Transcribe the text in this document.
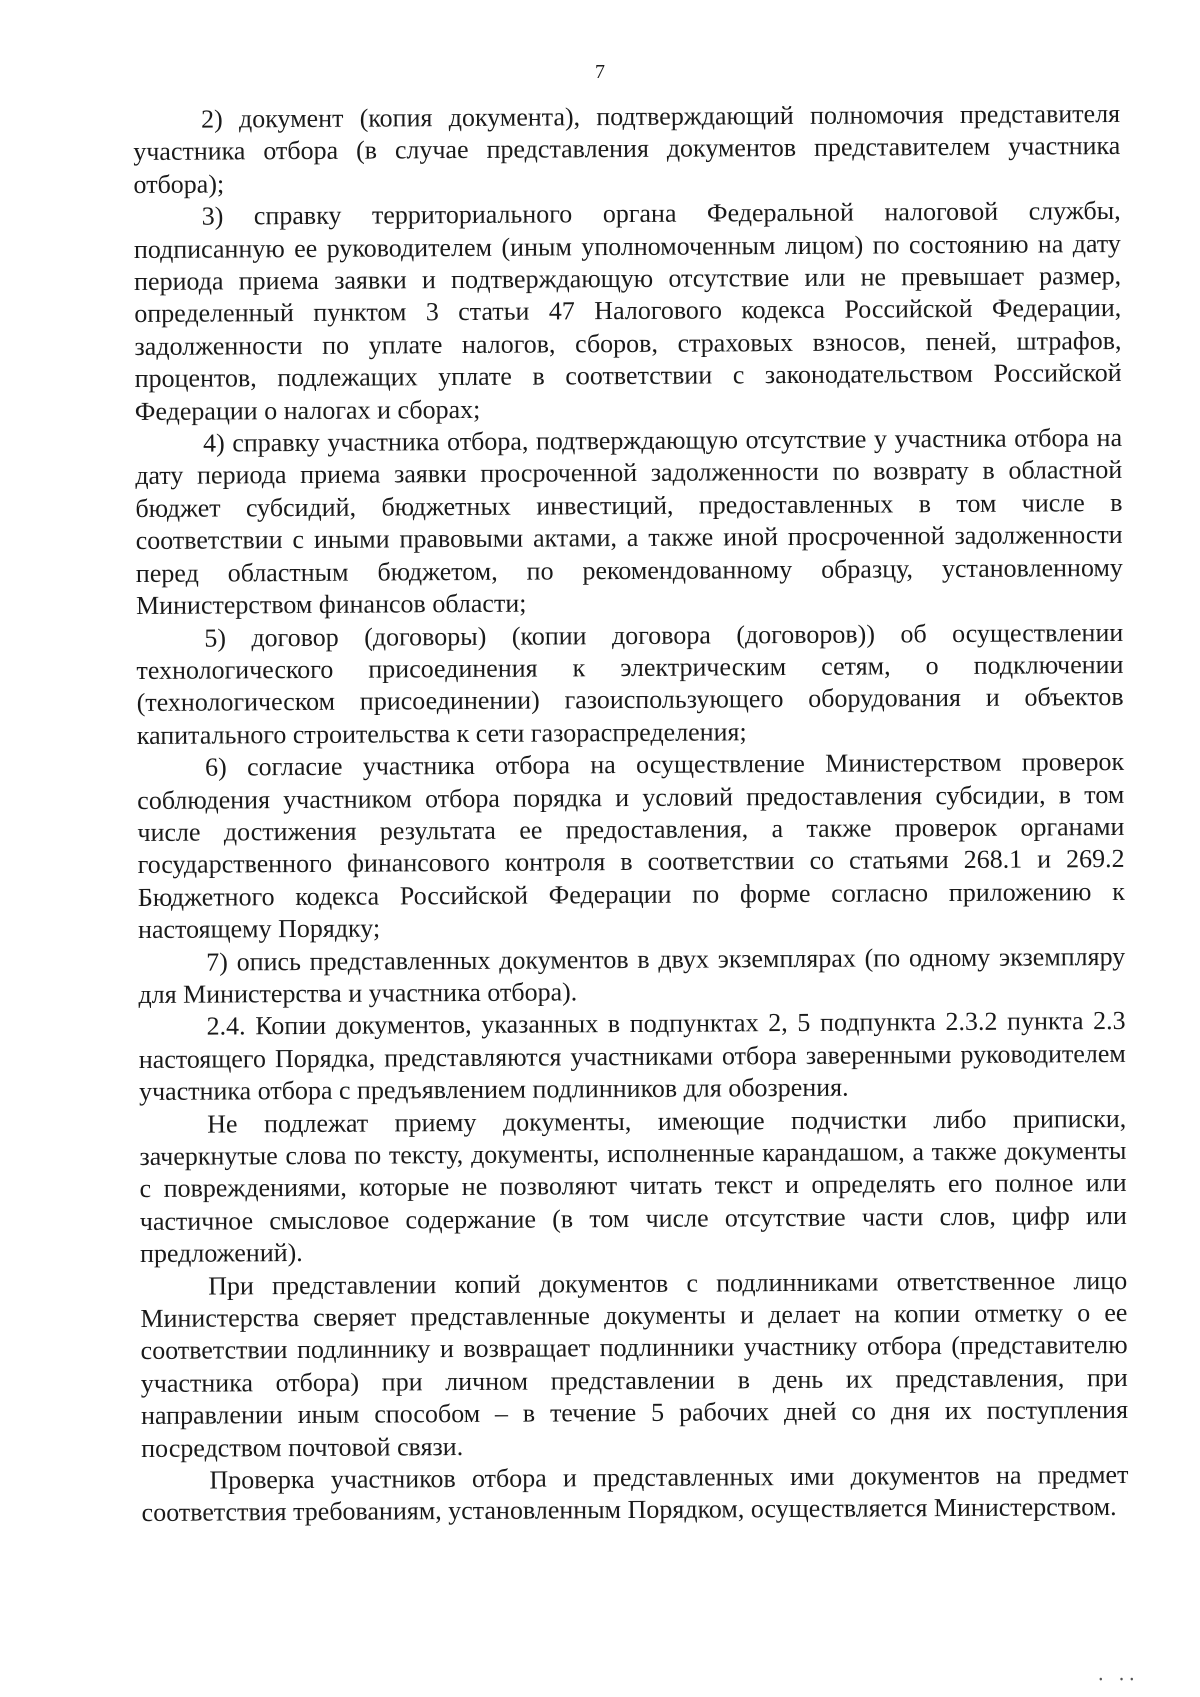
7

2) документ (копия документа), подтверждающий полномочия представителя участника отбора (в случае представления документов представителем участника отбора);

3) справку территориального органа Федеральной налоговой службы, подписанную ее руководителем (иным уполномоченным лицом) по состоянию на дату периода приема заявки и подтверждающую отсутствие или не превышает размер, определенный пунктом 3 статьи 47 Налогового кодекса Российской Федерации, задолженности по уплате налогов, сборов, страховых взносов, пеней, штрафов, процентов, подлежащих уплате в соответствии с законодательством Российской Федерации о налогах и сборах;

4) справку участника отбора, подтверждающую отсутствие у участника отбора на дату периода приема заявки просроченной задолженности по возврату в областной бюджет субсидий, бюджетных инвестиций, предоставленных в том числе в соответствии с иными правовыми актами, а также иной просроченной задолженности перед областным бюджетом, по рекомендованному образцу, установленному Министерством финансов области;

5) договор (договоры) (копии договора (договоров)) об осуществлении технологического присоединения к электрическим сетям, о подключении (технологическом присоединении) газоиспользующего оборудования и объектов капитального строительства к сети газораспределения;

6) согласие участника отбора на осуществление Министерством проверок соблюдения участником отбора порядка и условий предоставления субсидии, в том числе достижения результата ее предоставления, а также проверок органами государственного финансового контроля в соответствии со статьями 268.1 и 269.2 Бюджетного кодекса Российской Федерации по форме согласно приложению к настоящему Порядку;

7) опись представленных документов в двух экземплярах (по одному экземпляру для Министерства и участника отбора).

2.4. Копии документов, указанных в подпунктах 2, 5 подпункта 2.3.2 пункта 2.3 настоящего Порядка, представляются участниками отбора заверенными руководителем участника отбора с предъявлением подлинников для обозрения.

Не подлежат приему документы, имеющие подчистки либо приписки, зачеркнутые слова по тексту, документы, исполненные карандашом, а также документы с повреждениями, которые не позволяют читать текст и определять его полное или частичное смысловое содержание (в том числе отсутствие части слов, цифр или предложений).

При представлении копий документов с подлинниками ответственное лицо Министерства сверяет представленные документы и делает на копии отметку о ее соответствии подлиннику и возвращает подлинники участнику отбора (представителю участника отбора) при личном представлении в день их представления, при направлении иным способом – в течение 5 рабочих дней со дня их поступления посредством почтовой связи.

Проверка участников отбора и представленных ими документов на предмет соответствия требованиям, установленным Порядком, осуществляется Министерством.

ꞏ ꞏꞏ
